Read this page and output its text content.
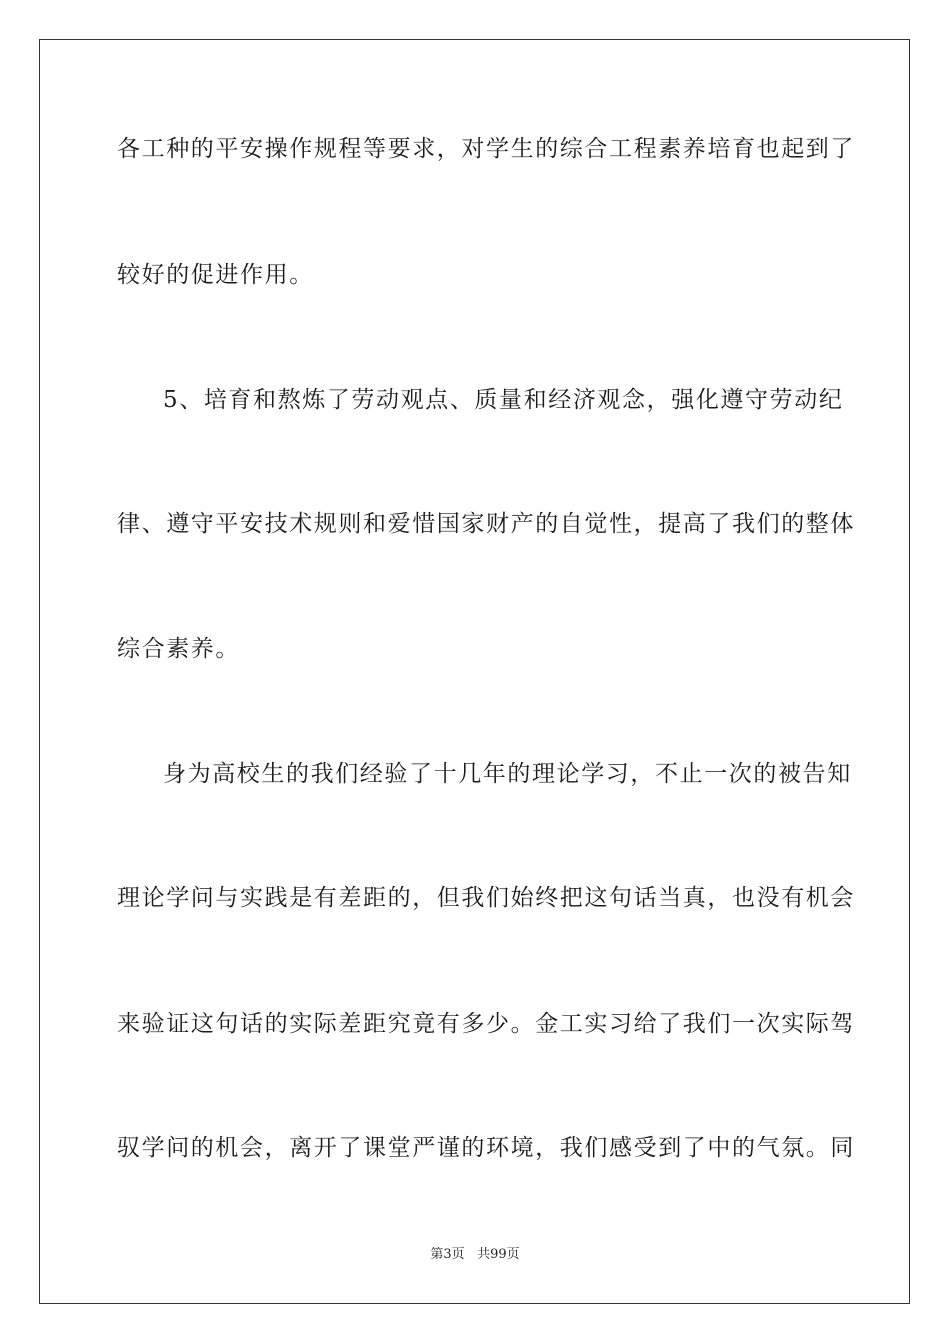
各工种的平安操作规程等要求，对学生的综合工程素养培育也起到了
较好的促进作用。
5、培育和熬炼了劳动观点、质量和经济观念，强化遵守劳动纪
律、遵守平安技术规则和爱惜国家财产的自觉性，提高了我们的整体
综合素养。
身为高校生的我们经验了十几年的理论学习，不止一次的被告知
理论学问与实践是有差距的，但我们始终把这句话当真，也没有机会
来验证这句话的实际差距究竟有多少。金工实习给了我们一次实际驾
驭学问的机会，离开了课堂严谨的环境，我们感受到了中的气氛。同
第3页 共99页
